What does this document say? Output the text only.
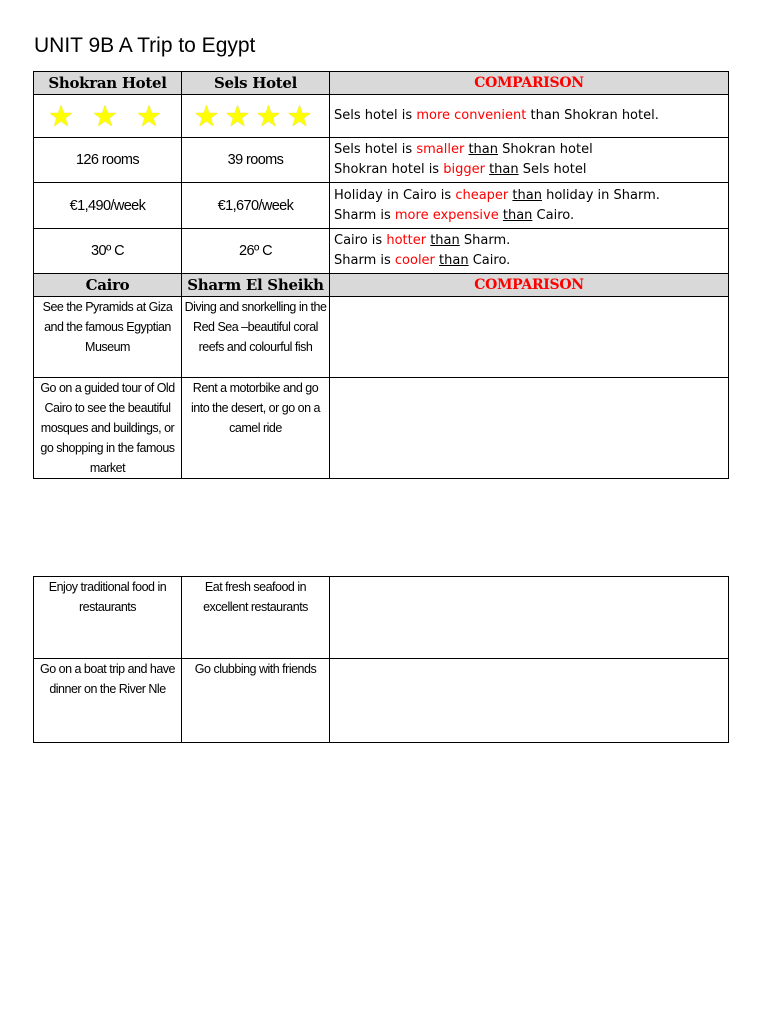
UNIT 9B A Trip to Egypt
Shokran Hotel	Sels Hotel	COMPARISON
★ ★ ★	★★★★	Sels hotel is more convenient than Shokran hotel.
126 rooms	39 rooms	Sels hotel is smaller than Shokran hotel
Shokran hotel is bigger than Sels hotel

€1,490/week	€1,670/week	Holiday in Cairo is cheaper than holiday in Sharm.
Sharm is more expensive than Cairo.

30º C	26º C	Cairo is hotter than Sharm.
Sharm is cooler than Cairo.

Cairo	Sharm El Sheikh	COMPARISON
See the Pyramids at Giza and the famous Egyptian Museum	Diving and snorkelling in the Red Sea –beautiful coral reefs and colourful fish	
Go on a guided tour of Old Cairo to see the beautiful mosques and buildings, or go shopping in the famous market	Rent a motorbike and go into the desert, or go on a camel ride	
Enjoy traditional food in restaurants	Eat fresh seafood in excellent restaurants	
Go on a boat trip and have dinner on the River Nle	Go clubbing with friends	
